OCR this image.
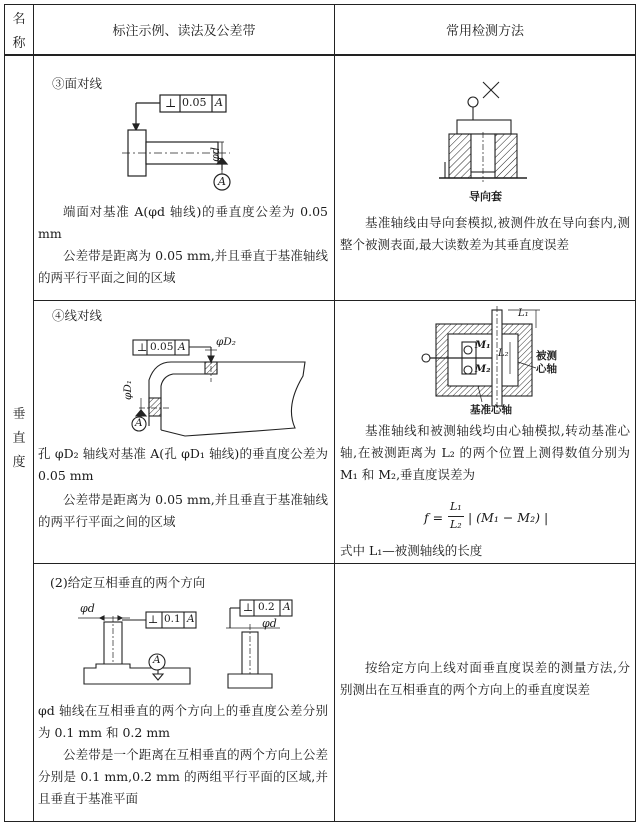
名
称
标注示例、读法及公差带	常用检测方法
垂
直
度
③面对线
⊥ 0.05 A
φd
A
端面对基准 A(φd 轴线)的垂直度公差为 0.05 mm
公差带是距离为 0.05 mm,并且垂直于基准轴线的两平行平面之间的区域
导向套
基准轴线由导向套模拟,被测件放在导向套内,测整个被测表面,最大读数差为其垂直度误差
④线对线
⊥ 0.05 A	φD₂
φD₁
A
孔 φD₂ 轴线对基准 A(孔 φD₁ 轴线)的垂直度公差为 0.05 mm
公差带是距离为 0.05 mm,并且垂直于基准轴线的两平行平面之间的区域
L₁
L₂
M₁
M₂
被测心轴
基准心轴
基准轴线和被测轴线均由心轴模拟,转动基准心轴,在被测距离为 L₂ 的两个位置上测得数值分别为 M₁ 和 M₂,垂直度误差为
f =
L₁
L₂ | (M₁ − M₂) |
式中 L₁—被测轴线的长度
(2)给定互相垂直的两个方向
φd
⊥ 0.1 A
A
⊥ 0.2 A
φd
φd 轴线在互相垂直的两个方向上的垂直度公差分别为 0.1 mm 和 0.2 mm
公差带是一个距离在互相垂直的两个方向上公差分别是 0.1 mm,0.2 mm 的两组平行平面的区域,并且垂直于基准平面
按给定方向上线对面垂直度误差的测量方法,分别测出在互相垂直的两个方向上的垂直度误差
